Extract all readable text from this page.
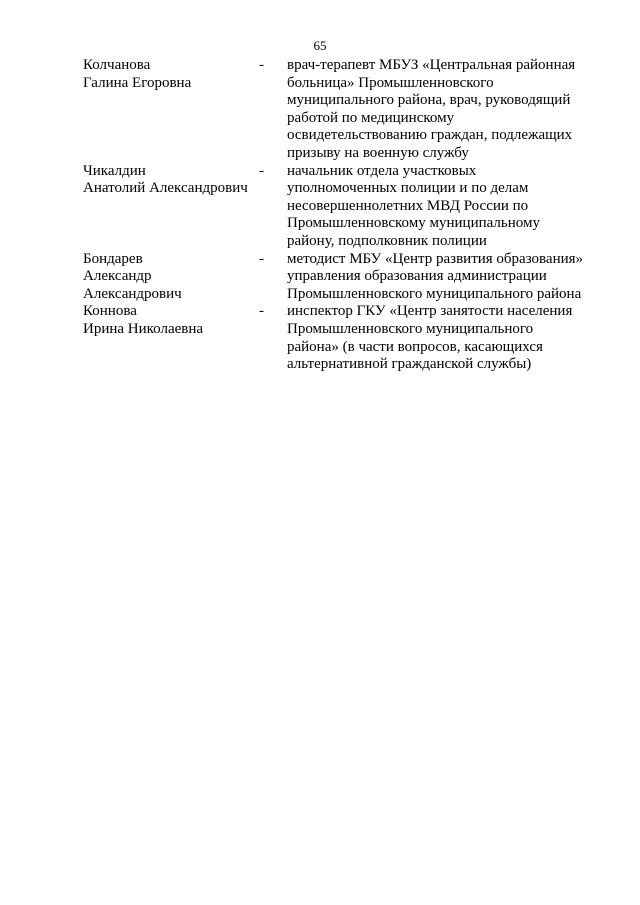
65
Колчанова
Галина Егоровна
-	врач-терапевт МБУЗ «Центральная районная
больница» Промышленновского
муниципального района, врач, руководящий
работой по медицинскому
освидетельствованию граждан, подлежащих
призыву на военную службу
Чикалдин
Анатолий Александрович
-	начальник отдела участковых
уполномоченных полиции и по делам
несовершеннолетних МВД России по
Промышленновскому муниципальному
району, подполковник полиции
Бондарев
Александр
Александрович
-	методист МБУ «Центр развития образования»
управления образования администрации
Промышленновского муниципального района
Коннова
Ирина Николаевна
-	инспектор ГКУ «Центр занятости населения
Промышленновского муниципального
района» (в части вопросов, касающихся
альтернативной гражданской службы)
